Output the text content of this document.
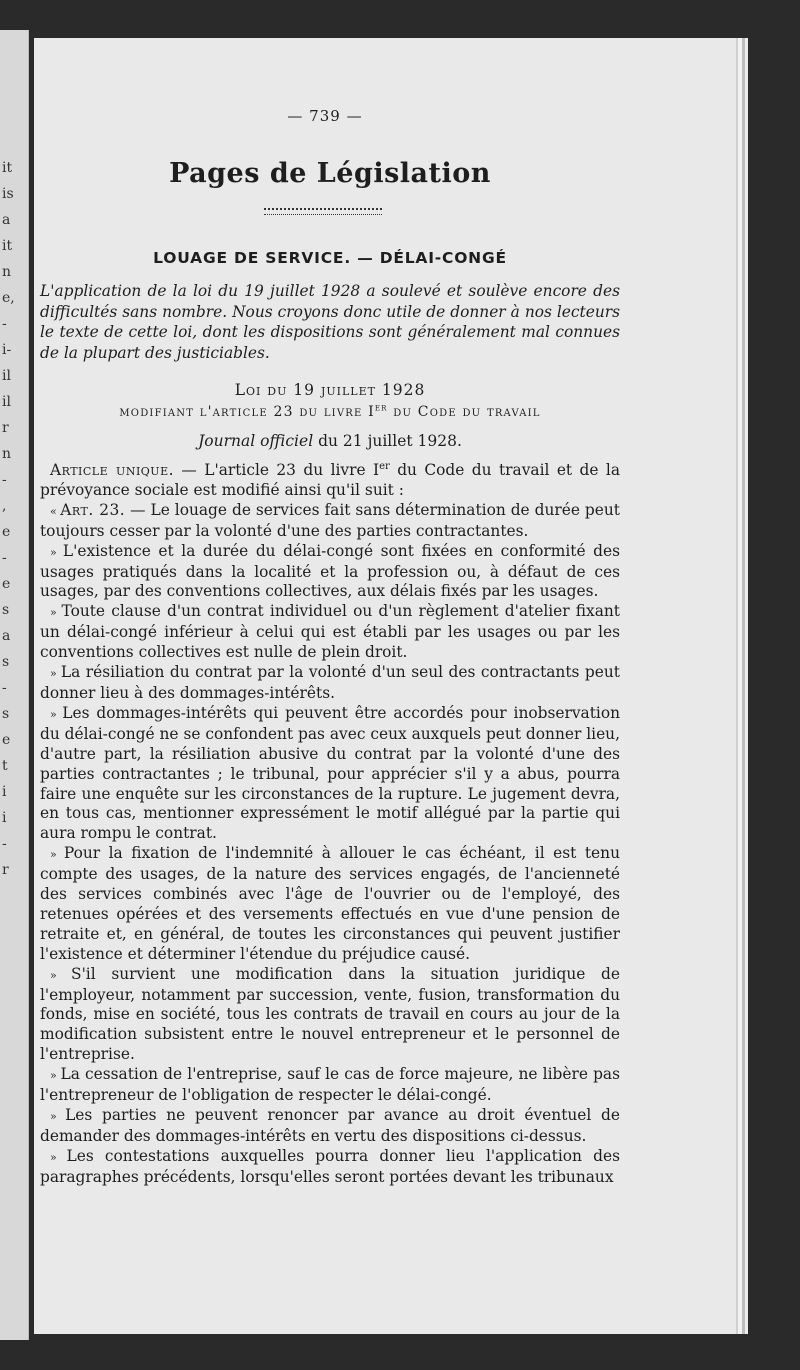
it
is
a
it
n
e,
-
i-
il
il
r
n
-
,
e
-
e
s
a
s
-
s
e
t
i
i
-
r
— 739 —
Pages de Législation
LOUAGE DE SERVICE. — DÉLAI-CONGÉ
L'application de la loi du 19 juillet 1928 a soulevé et soulève encore des difficultés sans nombre. Nous croyons donc utile de donner à nos lecteurs le texte de cette loi, dont les dispositions sont généralement mal connues de la plupart des justiciables.
Loi du 19 juillet 1928
modifiant l'article 23 du livre Ier du Code du travail
Journal officiel du 21 juillet 1928.

Article unique. — L'article 23 du livre Ier du Code du travail et de la prévoyance sociale est modifié ainsi qu'il suit :

« Art. 23. — Le louage de services fait sans détermination de durée peut toujours cesser par la volonté d'une des parties contractantes.

» L'existence et la durée du délai-congé sont fixées en conformité des usages pratiqués dans la localité et la profession ou, à défaut de ces usages, par des conventions collectives, aux délais fixés par les usages.

» Toute clause d'un contrat individuel ou d'un règlement d'atelier fixant un délai-congé inférieur à celui qui est établi par les usages ou par les conventions collectives est nulle de plein droit.

» La résiliation du contrat par la volonté d'un seul des contractants peut donner lieu à des dommages-intérêts.

» Les dommages-intérêts qui peuvent être accordés pour inobservation du délai-congé ne se confondent pas avec ceux auxquels peut donner lieu, d'autre part, la résiliation abusive du contrat par la volonté d'une des parties contractantes ; le tribunal, pour apprécier s'il y a abus, pourra faire une enquête sur les circonstances de la rupture. Le jugement devra, en tous cas, mentionner expressément le motif allégué par la partie qui aura rompu le contrat.

» Pour la fixation de l'indemnité à allouer le cas échéant, il est tenu compte des usages, de la nature des services engagés, de l'ancienneté des services combinés avec l'âge de l'ouvrier ou de l'employé, des retenues opérées et des versements effectués en vue d'une pension de retraite et, en général, de toutes les circonstances qui peuvent justifier l'existence et déterminer l'étendue du préjudice causé.

» S'il survient une modification dans la situation juridique de l'employeur, notamment par succession, vente, fusion, transformation du fonds, mise en société, tous les contrats de travail en cours au jour de la modification subsistent entre le nouvel entrepreneur et le personnel de l'entreprise.

» La cessation de l'entreprise, sauf le cas de force majeure, ne libère pas l'entrepreneur de l'obligation de respecter le délai-congé.

» Les parties ne peuvent renoncer par avance au droit éventuel de demander des dommages-intérêts en vertu des dispositions ci-dessus.

» Les contestations auxquelles pourra donner lieu l'application des paragraphes précédents, lorsqu'elles seront portées devant les tribunaux
